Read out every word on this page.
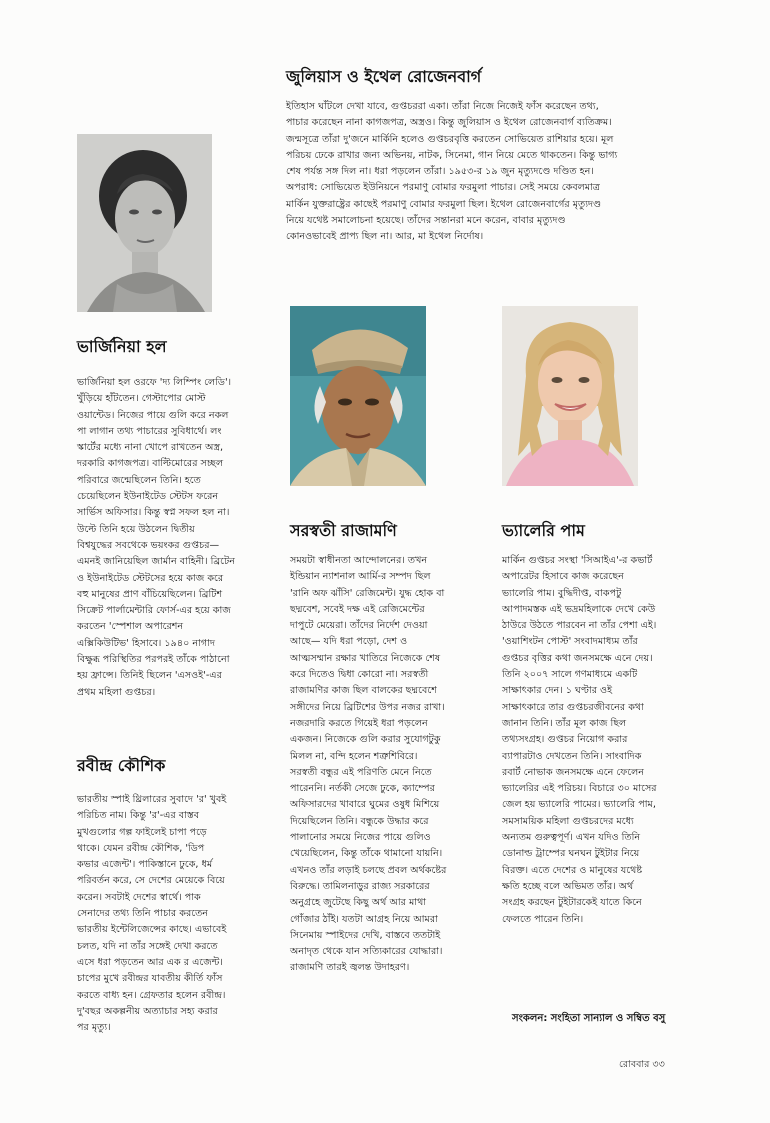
জুলিয়াস ও ইথেল রোজেনবার্গ
ইতিহাস ঘাঁটলে দেখা যাবে, গুপ্তচররা একা। তাঁরা নিজে নিজেই ফাঁস করেছেন তথ্য,
পাচার করেছেন নানা কাগজপত্র, অস্ত্রও। কিন্তু জুলিয়াস ও ইথেল রোজেনবার্গ ব্যতিক্রম।
জন্মসূত্রে তাঁরা দু'জনে মার্কিনি হলেও গুপ্তচরবৃত্তি করতেন সোভিয়েত রাশিয়ার হয়ে। মূল
পরিচয় ঢেকে রাখার জন্য অভিনয়, নাটক, সিনেমা, গান নিয়ে মেতে থাকতেন। কিন্তু ভাগ্য
শেষ পর্যন্ত সঙ্গ দিল না। ধরা পড়লেন তাঁরা। ১৯৫৩-র ১৯ জুন মৃত্যুদণ্ডে দণ্ডিত হন।
অপরাধ: সোভিয়েত ইউনিয়নে পরমাণু বোমার ফরমুলা পাচার। সেই সময়ে কেবলমাত্র
মার্কিন যুক্তরাষ্ট্রের কাছেই পরমাণু বোমার ফরমুলা ছিল। ইথেল রোজেনবার্গের মৃত্যুদণ্ড
নিয়ে যথেষ্ট সমালোচনা হয়েছে। তাঁদের সন্তানরা মনে করেন, বাবার মৃত্যুদণ্ড
কোনওভাবেই প্রাপ্য ছিল না। আর, মা ইথেল নির্দোষ।
ভার্জিনিয়া হল
ভার্জিনিয়া হল ওরফে 'দ্য লিম্পিং লেডি'।
খুঁড়িয়ে হাঁটতেন। গেস্টাপোর মোস্ট
ওয়ান্টেড। নিজের পায়ে গুলি করে নকল
পা লাগান তথ্য পাচারের সুবিধার্থে। লং
স্কার্টের মধ্যে নানা খোপে রাখতেন অস্ত্র,
দরকারি কাগজপত্র। বাল্টিমোরের সচ্ছল
পরিবারে জন্মেছিলেন তিনি। হতে
চেয়েছিলেন ইউনাইটেড স্টেটস ফরেন
সার্ভিস অফিসার। কিন্তু স্বপ্ন সফল হল না।
উল্টে তিনি হয়ে উঠলেন দ্বিতীয়
বিশ্বযুদ্ধের সবথেকে ভয়ংকর গুপ্তচর—
এমনই জানিয়েছিল জার্মান বাহিনী। ব্রিটেন
ও ইউনাইটেড স্টেটসের হয়ে কাজ করে
বহু মানুষের প্রাণ বাঁচিয়েছিলেন। ব্রিটিশ
সিক্রেট পার্লামেন্টারি ফোর্স-এর হয়ে কাজ
করতেন 'স্পেশাল অপারেশন
এক্সিকিউটিভ' হিসাবে। ১৯৪০ নাগাদ
বিক্ষুব্ধ পরিস্থিতির পরপরই তাঁকে পাঠানো
হয় ফ্রান্সে। তিনিই ছিলেন 'এসওই'-এর
প্রথম মহিলা গুপ্তচর।
রবীন্দ্র কৌশিক
ভারতীয় স্পাই থ্রিলারের সুবাদে 'র' খুবই
পরিচিত নাম। কিন্তু 'র'-এর বাস্তব
মুখগুলোর গল্প ফাইলেই চাপা পড়ে
থাকে। যেমন রবীন্দ্র কৌশিক, 'ডিপ
কভার এজেন্ট'। পাকিস্তানে ঢুকে, ধর্ম
পরিবর্তন করে, সে দেশের মেয়েকে বিয়ে
করেন। সবটাই দেশের স্বার্থে। পাক
সেনাদের তথ্য তিনি পাচার করতেন
ভারতীয় ইন্টেলিজেন্সের কাছে। এভাবেই
চলত, যদি না তাঁর সঙ্গেই দেখা করতে
এসে ধরা পড়তেন আর এক র এজেন্ট।
চাপের মুখে রবীন্দ্রর যাবতীয় কীর্তি ফাঁস
করতে বাধ্য হন। গ্রেফতার হলেন রবীন্দ্র।
দু'বছর অকল্পনীয় অত্যাচার সহ্য করার
পর মৃত্যু।
সরস্বতী রাজামণি
সময়টা স্বাধীনতা আন্দোলনের। তখন
ইন্ডিয়ান ন্যাশনাল আর্মি-র সম্পদ ছিল
'রানি অফ ঝাঁসি' রেজিমেন্ট। যুদ্ধ হোক বা
ছদ্মবেশ, সবেই দক্ষ এই রেজিমেন্টের
দাপুটে মেয়েরা। তাঁদের নির্দেশ দেওয়া
আছে— যদি ধরা পড়ো, দেশ ও
আত্মসম্মান রক্ষার খাতিরে নিজেকে শেষ
করে দিতেও দ্বিধা কোরো না। সরস্বতী
রাজামণির কাজ ছিল বালকের ছদ্মবেশে
সঙ্গীদের নিয়ে ব্রিটিশের উপর নজর রাখা।
নজরদারি করতে গিয়েই ধরা পড়লেন
একজন। নিজেকে গুলি করার সুযোগটুকু
মিলল না, বন্দি হলেন শত্রুশিবিরে।
সরস্বতী বন্ধুর এই পরিণতি মেনে নিতে
পারেননি। নর্তকী সেজে ঢুকে, ক্যাম্পের
অফিসারদের খাবারে ঘুমের ওষুধ মিশিয়ে
দিয়েছিলেন তিনি। বন্ধুকে উদ্ধার করে
পালানোর সময়ে নিজের পায়ে গুলিও
খেয়েছিলেন, কিন্তু তাঁকে থামানো যায়নি।
এখনও তাঁর লড়াই চলছে প্রবল অর্থকষ্টের
বিরুদ্ধে। তামিলনাড়ুর রাজ্য সরকারের
অনুগ্রহে জুটেছে কিছু অর্থ আর মাথা
গোঁজার ঠাঁই। যতটা আগ্রহ নিয়ে আমরা
সিনেমায় স্পাইদের দেখি, বাস্তবে ততটাই
অনাদৃত থেকে যান সত্যিকারের যোদ্ধারা।
রাজামণি তারই জ্বলন্ত উদাহরণ।
ভ্যালেরি পাম
মার্কিন গুপ্তচর সংস্থা 'সিআইএ'-র কভার্ট
অপারেটর হিসাবে কাজ করেছেন
ভ্যালেরি পাম। বুদ্ধিদীপ্ত, বাকপটু
আপাদমস্তক এই ভদ্রমহিলাকে দেখে কেউ
ঠাউরে উঠতে পারবেন না তাঁর পেশা এই।
'ওয়াশিংটন পোস্ট' সংবাদমাধ্যম তাঁর
গুপ্তচর বৃত্তির কথা জনসমক্ষে এনে দেয়।
তিনি ২০০৭ সালে গণমাধ্যমে একটি
সাক্ষাৎকার দেন। ১ ঘণ্টার ওই
সাক্ষাৎকারে তার গুপ্তচরজীবনের কথা
জানান তিনি। তাঁর মূল কাজ ছিল
তথ্যসংগ্রহ। গুপ্তচর নিয়োগ করার
ব্যাপারটাও দেখতেন তিনি। সাংবাদিক
রবার্ট নোভাক জনসমক্ষে এনে ফেলেন
ভ্যালেরির এই পরিচয়। বিচারে ৩০ মাসের
জেল হয় ভ্যালেরি পামের। ভ্যালেরি পাম,
সমসাময়িক মহিলা গুপ্তচরদের মধ্যে
অন্যতম গুরুত্বপূর্ণ। এখন যদিও তিনি
ডোনাল্ড ট্রাম্পের ঘনঘন টুইটার নিয়ে
বিরক্ত। এতে দেশের ও মানুষের যথেষ্ট
ক্ষতি হচ্ছে বলে অভিমত তাঁর। অর্থ
সংগ্রহ করছেন টুইটারকেই যাতে কিনে
ফেলতে পারেন তিনি।
সংকলন: সংহিতা সান্যাল ও সম্বিত বসু
রোববার ৩৩
